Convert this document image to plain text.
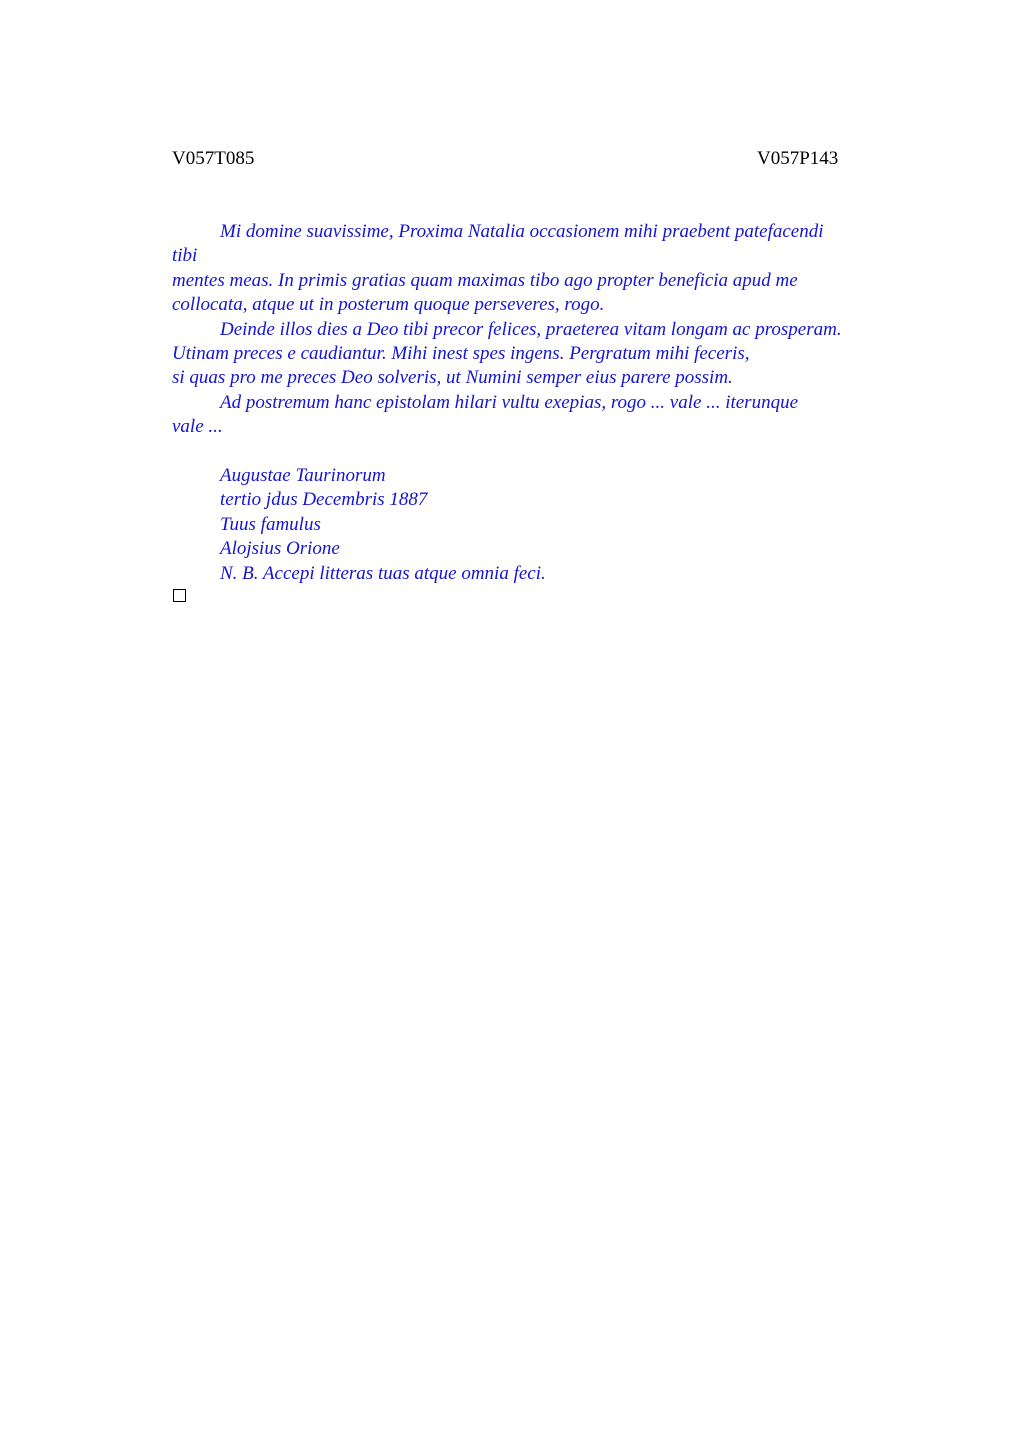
V057T085	V057P143
Mi domine suavissime, Proxima Natalia occasionem mihi praebent patefacendi
tibi
mentes meas. In primis gratias quam maximas tibo ago propter beneficia apud me
collocata, atque ut in posterum quoque perseveres, rogo.
Deinde illos dies a Deo tibi precor felices, praeterea vitam longam ac prosperam.
Utinam preces e caudiantur. Mihi inest spes ingens. Pergratum mihi feceris,
si quas pro me preces Deo solveris, ut Numini semper eius parere possim.
Ad postremum hanc epistolam hilari vultu exepias, rogo ... vale ... iterunque
vale ...
Augustae Taurinorum
tertio jdus Decembris 1887
Tuus famulus
Alojsius Orione
N. B. Accepi litteras tuas atque omnia feci.
